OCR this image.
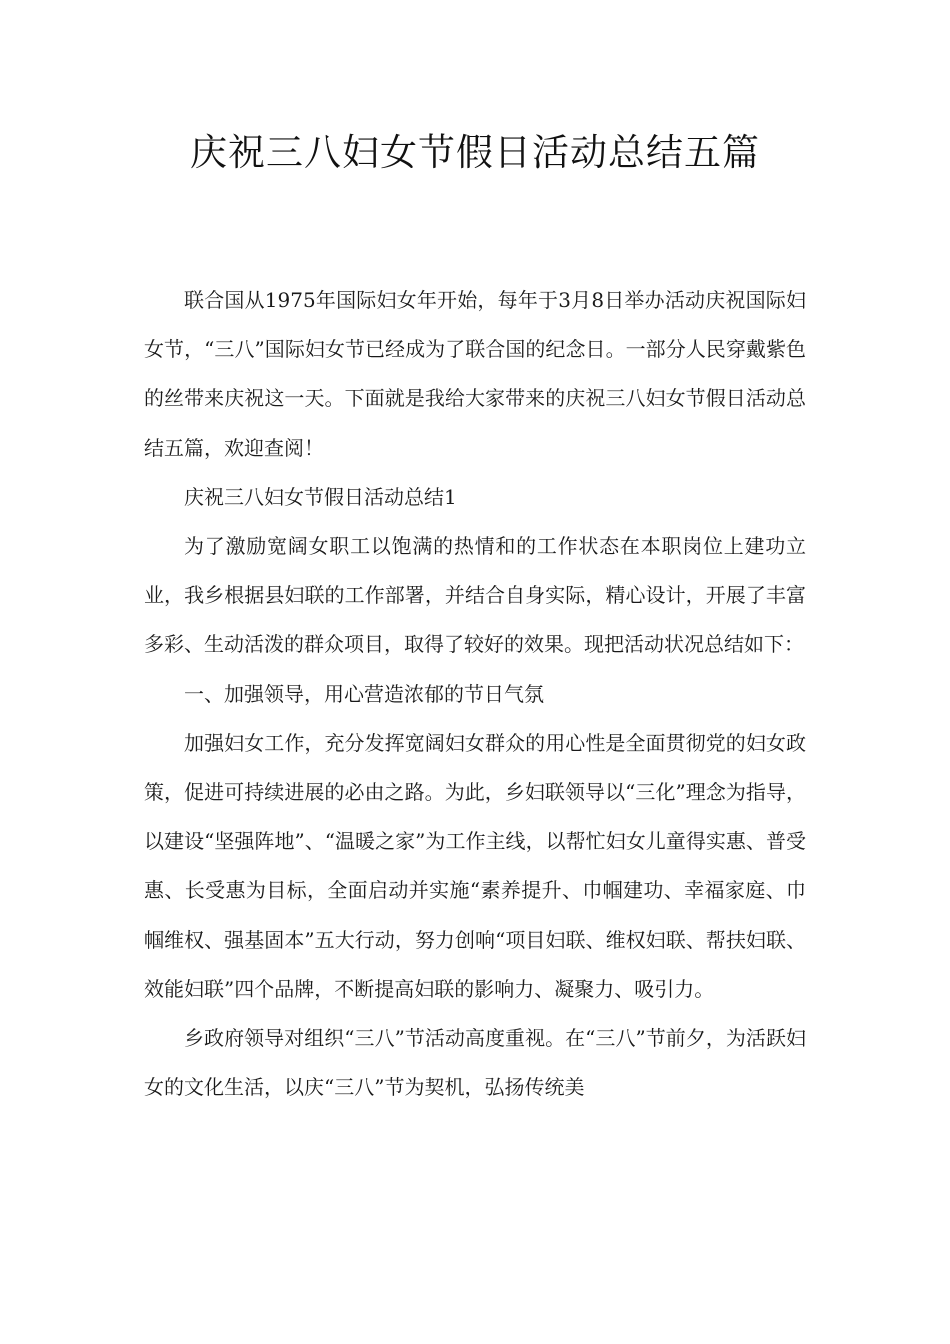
庆祝三八妇女节假日活动总结五篇

联合国从1975年国际妇女年开始，每年于3月8日举办活动庆祝国际妇女节，“三八”国际妇女节已经成为了联合国的纪念日。一部分人民穿戴紫色的丝带来庆祝这一天。下面就是我给大家带来的庆祝三八妇女节假日活动总结五篇，欢迎查阅！

庆祝三八妇女节假日活动总结1

为了激励宽阔女职工以饱满的热情和的工作状态在本职岗位上建功立业，我乡根据县妇联的工作部署，并结合自身实际，精心设计，开展了丰富多彩、生动活泼的群众项目，取得了较好的效果。现把活动状况总结如下：

一、加强领导，用心营造浓郁的节日气氛

加强妇女工作，充分发挥宽阔妇女群众的用心性是全面贯彻党的妇女政策，促进可持续进展的必由之路。为此，乡妇联领导以“三化”理念为指导，以建设“坚强阵地”、“温暖之家”为工作主线，以帮忙妇女儿童得实惠、普受惠、长受惠为目标，全面启动并实施“素养提升、巾帼建功、幸福家庭、巾帼维权、强基固本”五大行动，努力创响“项目妇联、维权妇联、帮扶妇联、效能妇联”四个品牌，不断提高妇联的影响力、凝聚力、吸引力。

乡政府领导对组织“三八”节活动高度重视。在“三八”节前夕，为活跃妇女的文化生活，以庆“三八”节为契机，弘扬传统美
